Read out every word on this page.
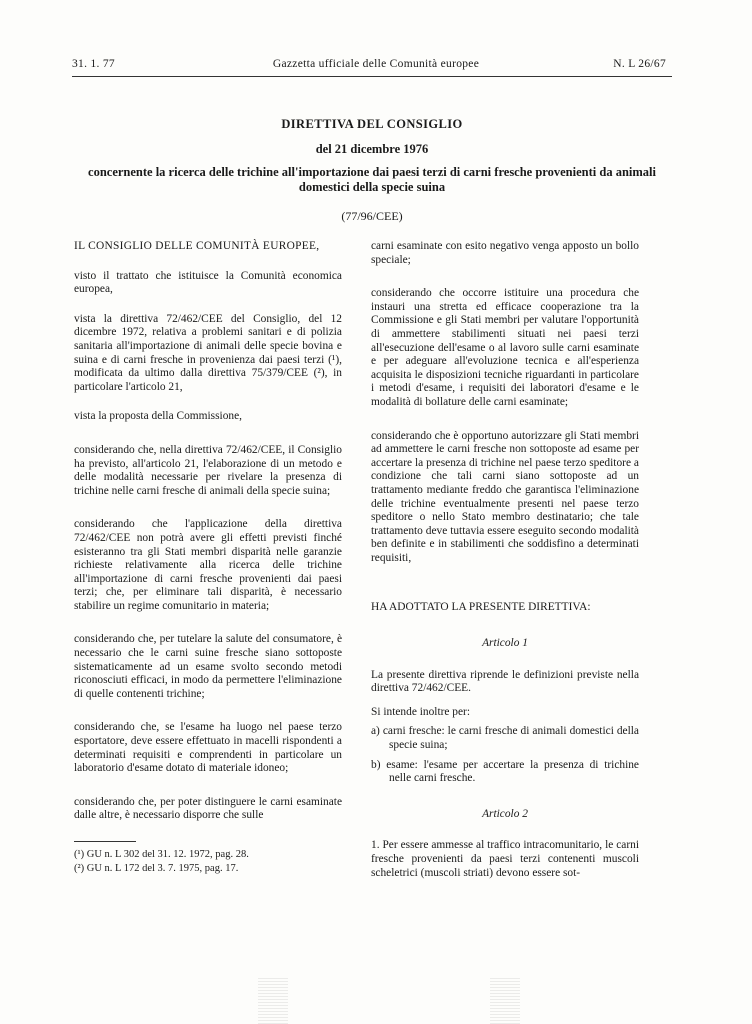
31. 1. 77	Gazzetta ufficiale delle Comunità europee	N. L 26/67
DIRETTIVA DEL CONSIGLIO
del 21 dicembre 1976
concernente la ricerca delle trichine all'importazione dai paesi terzi di carni fresche provenienti da animali domestici della specie suina
(77/96/CEE)

IL CONSIGLIO DELLE COMUNITÀ EUROPEE,

visto il trattato che istituisce la Comunità economica europea,

vista la direttiva 72/462/CEE del Consiglio, del 12 dicembre 1972, relativa a problemi sanitari e di polizia sanitaria all'importazione di animali delle specie bovina e suina e di carni fresche in provenienza dai paesi terzi (¹), modificata da ultimo dalla direttiva 75/379/CEE (²), in particolare l'articolo 21,

vista la proposta della Commissione,

considerando che, nella direttiva 72/462/CEE, il Consiglio ha previsto, all'articolo 21, l'elaborazione di un metodo e delle modalità necessarie per rivelare la presenza di trichine nelle carni fresche di animali della specie suina;

considerando che l'applicazione della direttiva 72/462/CEE non potrà avere gli effetti previsti finché esisteranno tra gli Stati membri disparità nelle garanzie richieste relativamente alla ricerca delle trichine all'importazione di carni fresche provenienti dai paesi terzi; che, per eliminare tali disparità, è necessario stabilire un regime comunitario in materia;

considerando che, per tutelare la salute del consumatore, è necessario che le carni suine fresche siano sottoposte sistematicamente ad un esame svolto secondo metodi riconosciuti efficaci, in modo da permettere l'eliminazione di quelle contenenti trichine;

considerando che, se l'esame ha luogo nel paese terzo esportatore, deve essere effettuato in macelli rispondenti a determinati requisiti e comprendenti in particolare un laboratorio d'esame dotato di materiale idoneo;

considerando che, per poter distinguere le carni esaminate dalle altre, è necessario disporre che sulle

carni esaminate con esito negativo venga apposto un bollo speciale;

considerando che occorre istituire una procedura che instauri una stretta ed efficace cooperazione tra la Commissione e gli Stati membri per valutare l'opportunità di ammettere stabilimenti situati nei paesi terzi all'esecuzione dell'esame o al lavoro sulle carni esaminate e per adeguare all'evoluzione tecnica e all'esperienza acquisita le disposizioni tecniche riguardanti in particolare i metodi d'esame, i requisiti dei laboratori d'esame e le modalità di bollature delle carni esaminate;

considerando che è opportuno autorizzare gli Stati membri ad ammettere le carni fresche non sottoposte ad esame per accertare la presenza di trichine nel paese terzo speditore a condizione che tali carni siano sottoposte ad un trattamento mediante freddo che garantisca l'eliminazione delle trichine eventualmente presenti nel paese terzo speditore o nello Stato membro destinatario; che tale trattamento deve tuttavia essere eseguito secondo modalità ben definite e in stabilimenti che soddisfino a determinati requisiti,

HA ADOTTATO LA PRESENTE DIRETTIVA:

Articolo 1

La presente direttiva riprende le definizioni previste nella direttiva 72/462/CEE.

Si intende inoltre per:

a) carni fresche: le carni fresche di animali domestici della specie suina;

b) esame: l'esame per accertare la presenza di trichine nelle carni fresche.

Articolo 2

1. Per essere ammesse al traffico intracomunitario, le carni fresche provenienti da paesi terzi contenenti muscoli scheletrici (muscoli striati) devono essere sot-

(¹) GU n. L 302 del 31. 12. 1972, pag. 28.
(²) GU n. L 172 del 3. 7. 1975, pag. 17.
